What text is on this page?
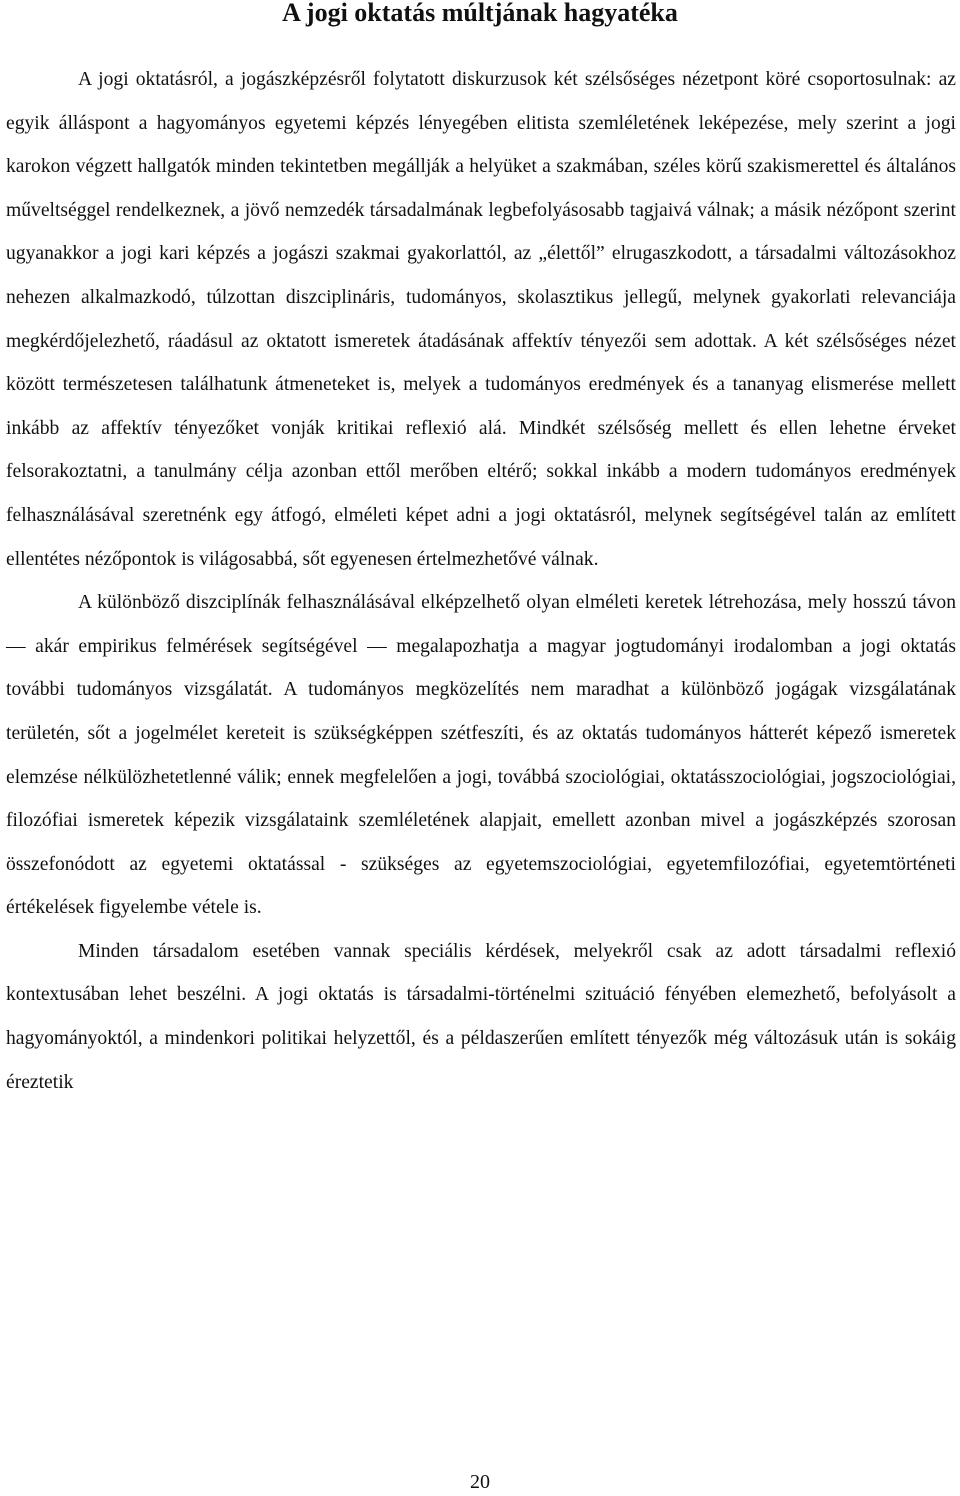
A jogi oktatás múltjának hagyatéka

A jogi oktatásról, a jogászképzésről folytatott diskurzusok két szélsőséges nézetpont köré csoportosulnak: az egyik álláspont a hagyományos egyetemi képzés lényegében elitista szemléletének leképezése, mely szerint a jogi karokon végzett hallgatók minden tekintetben megállják a helyüket a szakmában, széles körű szakismerettel és általános műveltséggel rendelkeznek, a jövő nemzedék társadalmának legbefolyásosabb tagjaivá válnak; a másik nézőpont szerint ugyanakkor a jogi kari képzés a jogászi szakmai gyakorlattól, az „élettől” elrugaszkodott, a társadalmi változásokhoz nehezen alkalmazkodó, túlzottan diszciplináris, tudományos, skolasztikus jellegű, melynek gyakorlati relevanciája megkérdőjelezhető, ráadásul az oktatott ismeretek átadásának affektív tényezői sem adottak. A két szélsőséges nézet között természetesen találhatunk átmeneteket is, melyek a tudományos eredmények és a tananyag elismerése mellett inkább az affektív tényezőket vonják kritikai reflexió alá. Mindkét szélsőség mellett és ellen lehetne érveket felsorakoztatni, a tanulmány célja azonban ettől merőben eltérő; sokkal inkább a modern tudományos eredmények felhasználásával szeretnénk egy átfogó, elméleti képet adni a jogi oktatásról, melynek segítségével talán az említett ellentétes nézőpontok is világosabbá, sőt egyenesen értelmezhetővé válnak.

A különböző diszciplínák felhasználásával elképzelhető olyan elméleti keretek létrehozása, mely hosszú távon — akár empirikus felmérések segítségével — megalapozhatja a magyar jogtudományi irodalomban a jogi oktatás további tudományos vizsgálatát. A tudományos megközelítés nem maradhat a különböző jogágak vizsgálatának területén, sőt a jogelmélet kereteit is szükségképpen szétfeszíti, és az oktatás tudományos hátterét képező ismeretek elemzése nélkülözhetetlenné válik; ennek megfelelően a jogi, továbbá szociológiai, oktatásszociológiai, jogszociológiai, filozófiai ismeretek képezik vizsgálataink szemléletének alapjait, emellett azonban mivel a jogászképzés szorosan összefonódott az egyetemi oktatással - szükséges az egyetemszociológiai, egyetemfilozófiai, egyetemtörténeti értékelések figyelembe vétele is.

Minden társadalom esetében vannak speciális kérdések, melyekről csak az adott társadalmi reflexió kontextusában lehet beszélni. A jogi oktatás is társadalmi-történelmi szituáció fényében elemezhető, befolyásolt a hagyományoktól, a mindenkori politikai helyzettől, és a példaszerűen említett tényezők még változásuk után is sokáig éreztetik

20
